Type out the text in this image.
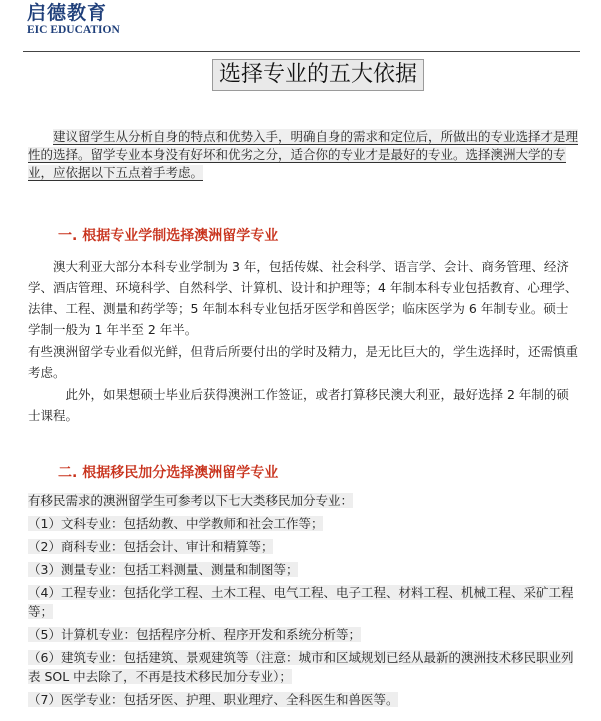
启德教育
EIC EDUCATION
选择专业的五大依据
建议留学生从分析自身的特点和优势入手，明确自身的需求和定位后，所做出的专业选择才是理性的选择。留学专业本身没有好坏和优劣之分，适合你的专业才是最好的专业。选择澳洲大学的专业，应依据以下五点着手考虑。
一. 根据专业学制选择澳洲留学专业
澳大利亚大部分本科专业学制为 3 年，包括传媒、社会科学、语言学、会计、商务管理、经济学、酒店管理、环境科学、自然科学、计算机、设计和护理等；4 年制本科专业包括教育、心理学、法律、工程、测量和药学等；5 年制本科专业包括牙医学和兽医学；临床医学为 6 年制专业。硕士学制一般为 1 年半至 2 年半。
有些澳洲留学专业看似光鲜，但背后所要付出的学时及精力，是无比巨大的，学生选择时，还需慎重考虑。
此外，如果想硕士毕业后获得澳洲工作签证，或者打算移民澳大利亚，最好选择 2 年制的硕士课程。
二. 根据移民加分选择澳洲留学专业
有移民需求的澳洲留学生可参考以下七大类移民加分专业：
（1）文科专业：包括幼教、中学教师和社会工作等；
（2）商科专业：包括会计、审计和精算等；
（3）测量专业：包括工料测量、测量和制图等；
（4）工程专业：包括化学工程、土木工程、电气工程、电子工程、材料工程、机械工程、采矿工程等；
（5）计算机专业：包括程序分析、程序开发和系统分析等；
（6）建筑专业：包括建筑、景观建筑等（注意：城市和区域规划已经从最新的澳洲技术移民职业列表 SOL 中去除了，不再是技术移民加分专业）；
（7）医学专业：包括牙医、护理、职业理疗、全科医生和兽医等。
